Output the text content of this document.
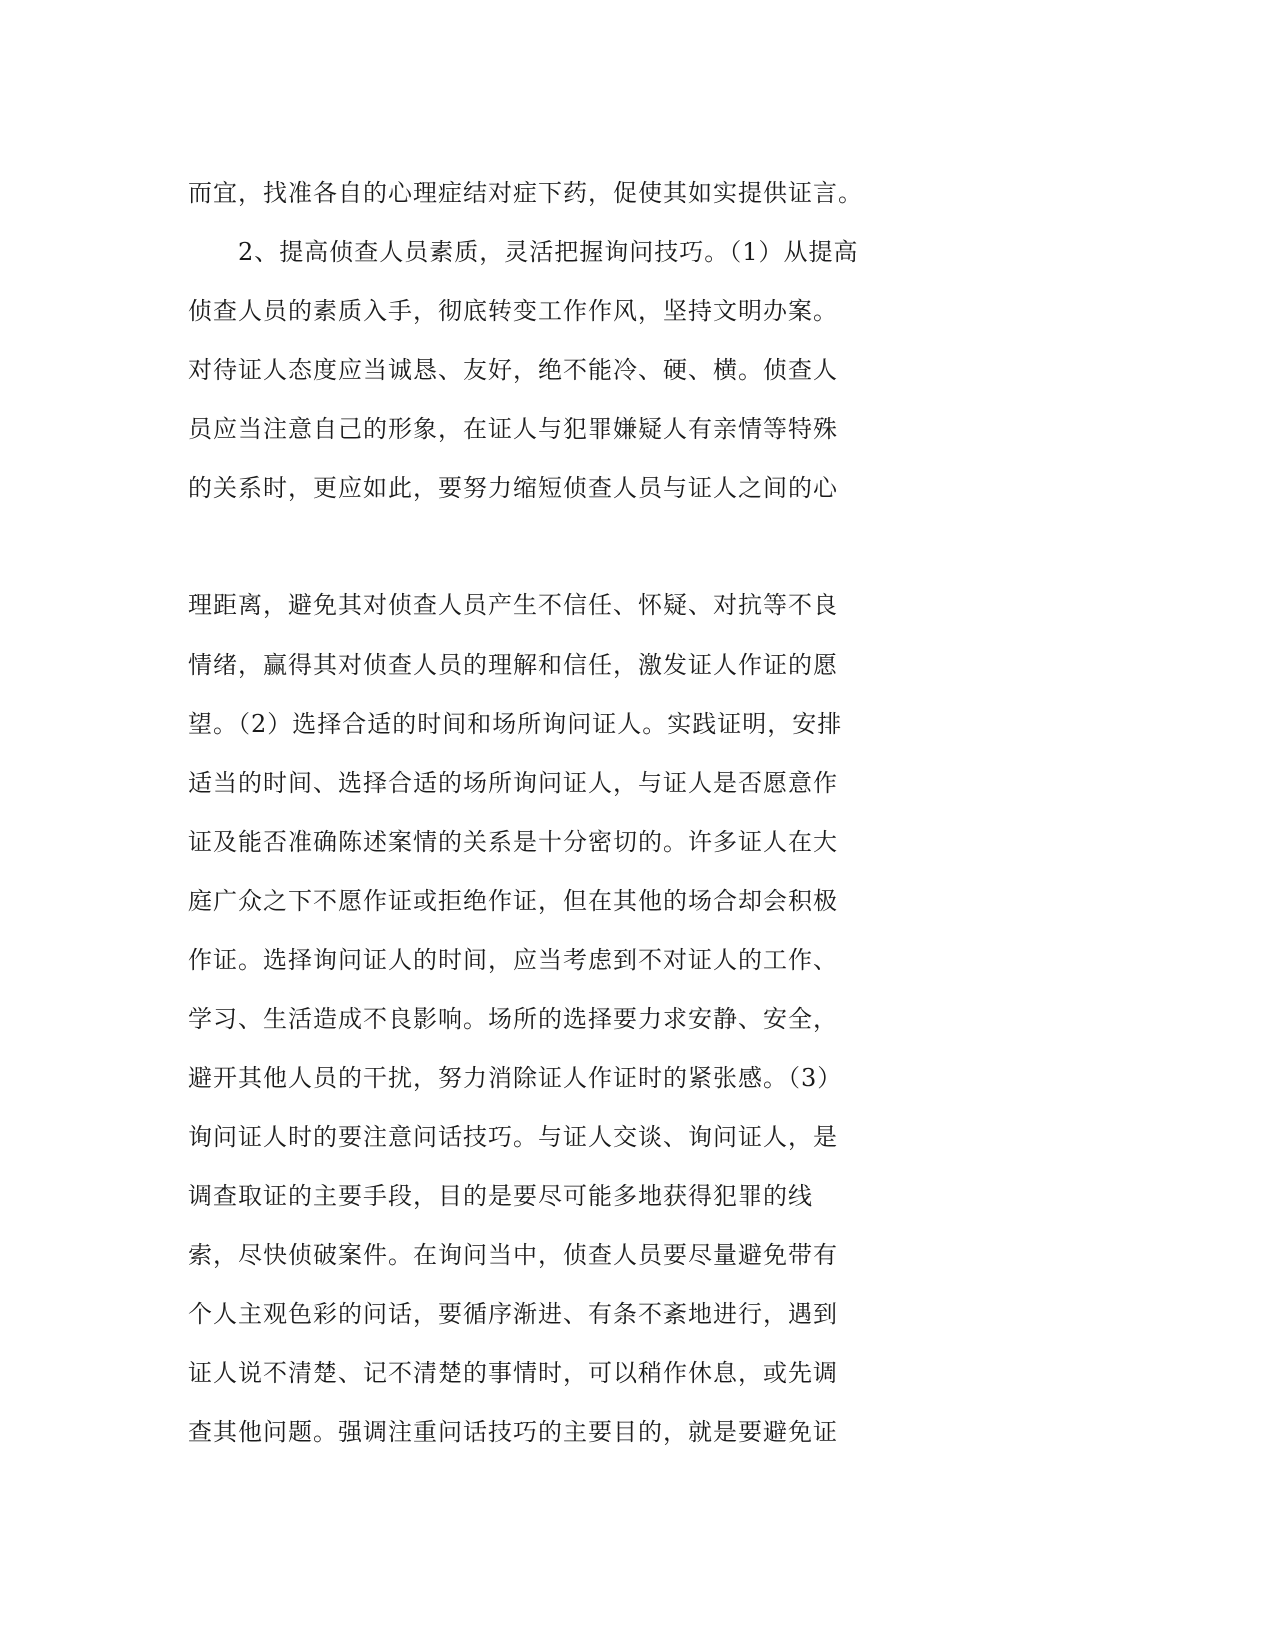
而宜，找准各自的心理症结对症下药，促使其如实提供证言。
2、提高侦查人员素质，灵活把握询问技巧。（1）从提高
侦查人员的素质入手，彻底转变工作作风，坚持文明办案。
对待证人态度应当诚恳、友好，绝不能冷、硬、横。侦查人
员应当注意自己的形象，在证人与犯罪嫌疑人有亲情等特殊
的关系时，更应如此，要努力缩短侦查人员与证人之间的心
理距离，避免其对侦查人员产生不信任、怀疑、对抗等不良
情绪，赢得其对侦查人员的理解和信任，激发证人作证的愿
望。（2）选择合适的时间和场所询问证人。实践证明，安排
适当的时间、选择合适的场所询问证人，与证人是否愿意作
证及能否准确陈述案情的关系是十分密切的。许多证人在大
庭广众之下不愿作证或拒绝作证，但在其他的场合却会积极
作证。选择询问证人的时间，应当考虑到不对证人的工作、
学习、生活造成不良影响。场所的选择要力求安静、安全，
避开其他人员的干扰，努力消除证人作证时的紧张感。（3）
询问证人时的要注意问话技巧。与证人交谈、询问证人，是
调查取证的主要手段，目的是要尽可能多地获得犯罪的线
索，尽快侦破案件。在询问当中，侦查人员要尽量避免带有
个人主观色彩的问话，要循序渐进、有条不紊地进行，遇到
证人说不清楚、记不清楚的事情时，可以稍作休息，或先调
查其他问题。强调注重问话技巧的主要目的，就是要避免证
